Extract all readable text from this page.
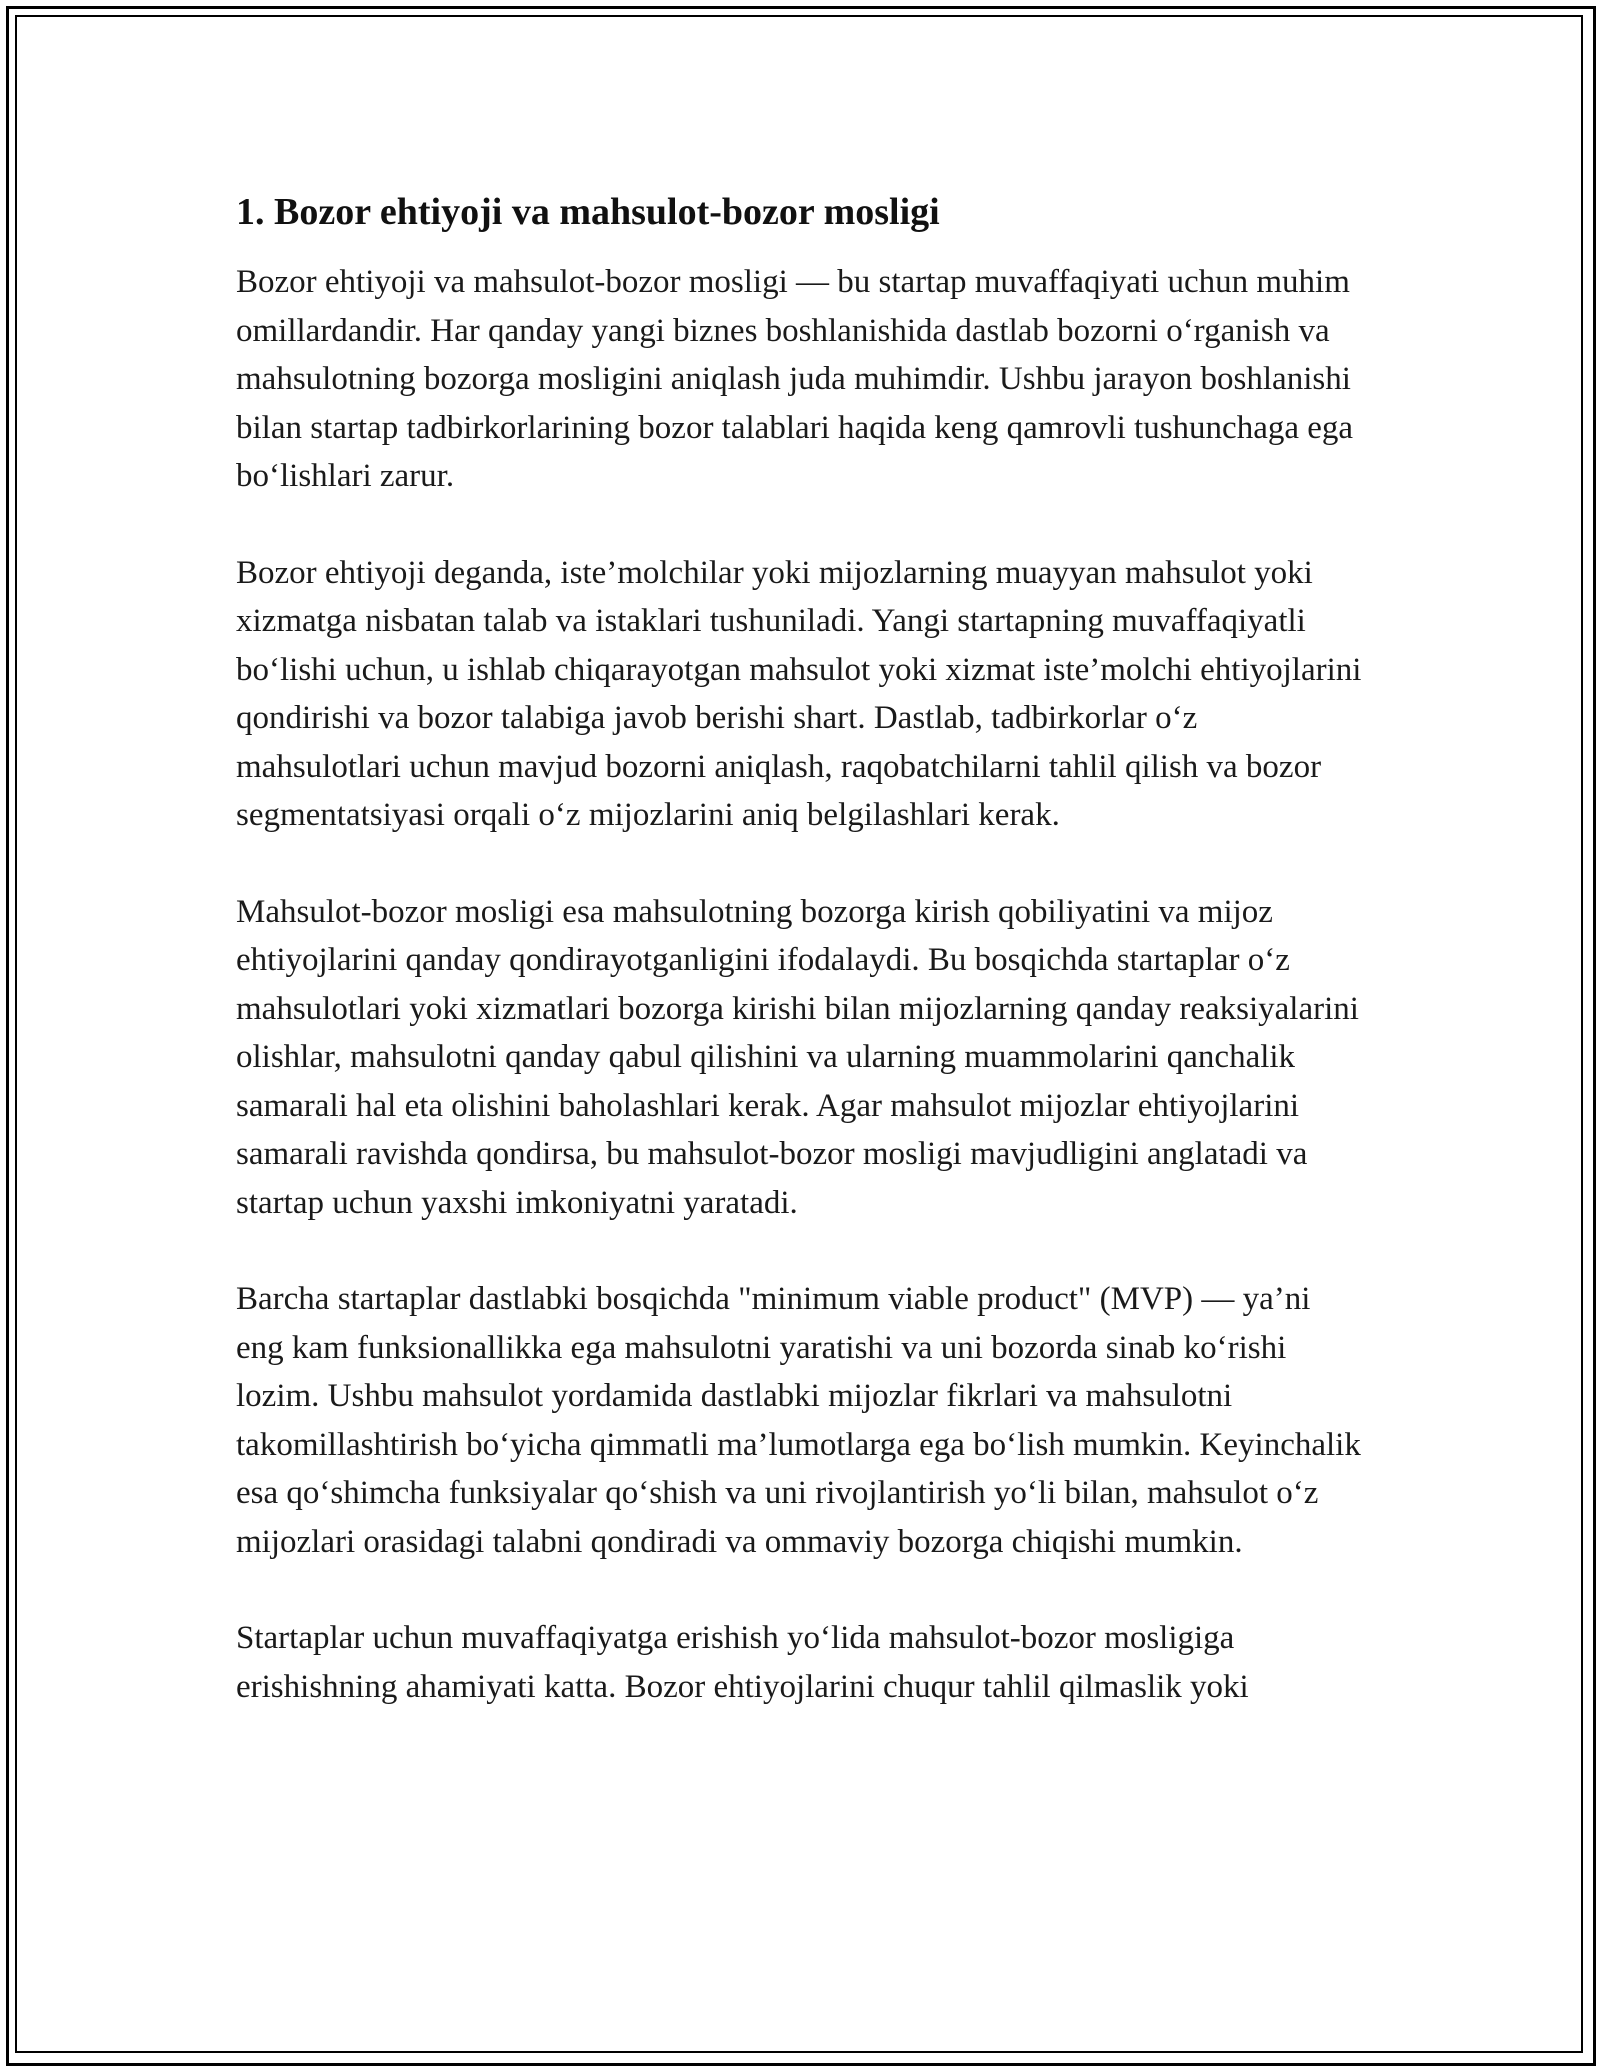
1. Bozor ehtiyoji va mahsulot-bozor mosligi

Bozor ehtiyoji va mahsulot-bozor mosligi — bu startap muvaffaqiyati uchun muhim omillardandir. Har qanday yangi biznes boshlanishida dastlab bozorni oʻrganish va mahsulotning bozorga mosligini aniqlash juda muhimdir. Ushbu jarayon boshlanishi bilan startap tadbirkorlarining bozor talablari haqida keng qamrovli tushunchaga ega boʻlishlari zarur.

Bozor ehtiyoji deganda, iste’molchilar yoki mijozlarning muayyan mahsulot yoki xizmatga nisbatan talab va istaklari tushuniladi. Yangi startapning muvaffaqiyatli boʻlishi uchun, u ishlab chiqarayotgan mahsulot yoki xizmat iste’molchi ehtiyojlarini qondirishi va bozor talabiga javob berishi shart. Dastlab, tadbirkorlar oʻz mahsulotlari uchun mavjud bozorni aniqlash, raqobatchilarni tahlil qilish va bozor segmentatsiyasi orqali oʻz mijozlarini aniq belgilashlari kerak.

Mahsulot-bozor mosligi esa mahsulotning bozorga kirish qobiliyatini va mijoz ehtiyojlarini qanday qondirayotganligini ifodalaydi. Bu bosqichda startaplar oʻz mahsulotlari yoki xizmatlari bozorga kirishi bilan mijozlarning qanday reaksiyalarini olishlar, mahsulotni qanday qabul qilishini va ularning muammolarini qanchalik samarali hal eta olishini baholashlari kerak. Agar mahsulot mijozlar ehtiyojlarini samarali ravishda qondirsa, bu mahsulot-bozor mosligi mavjudligini anglatadi va startap uchun yaxshi imkoniyatni yaratadi.

Barcha startaplar dastlabki bosqichda "minimum viable product" (MVP) — ya’ni eng kam funksionallikka ega mahsulotni yaratishi va uni bozorda sinab koʻrishi lozim. Ushbu mahsulot yordamida dastlabki mijozlar fikrlari va mahsulotni takomillashtirish boʻyicha qimmatli ma’lumotlarga ega boʻlish mumkin. Keyinchalik esa qoʻshimcha funksiyalar qoʻshish va uni rivojlantirish yoʻli bilan, mahsulot oʻz mijozlari orasidagi talabni qondiradi va ommaviy bozorga chiqishi mumkin.

Startaplar uchun muvaffaqiyatga erishish yoʻlida mahsulot-bozor mosligiga erishishning ahamiyati katta. Bozor ehtiyojlarini chuqur tahlil qilmaslik yoki
